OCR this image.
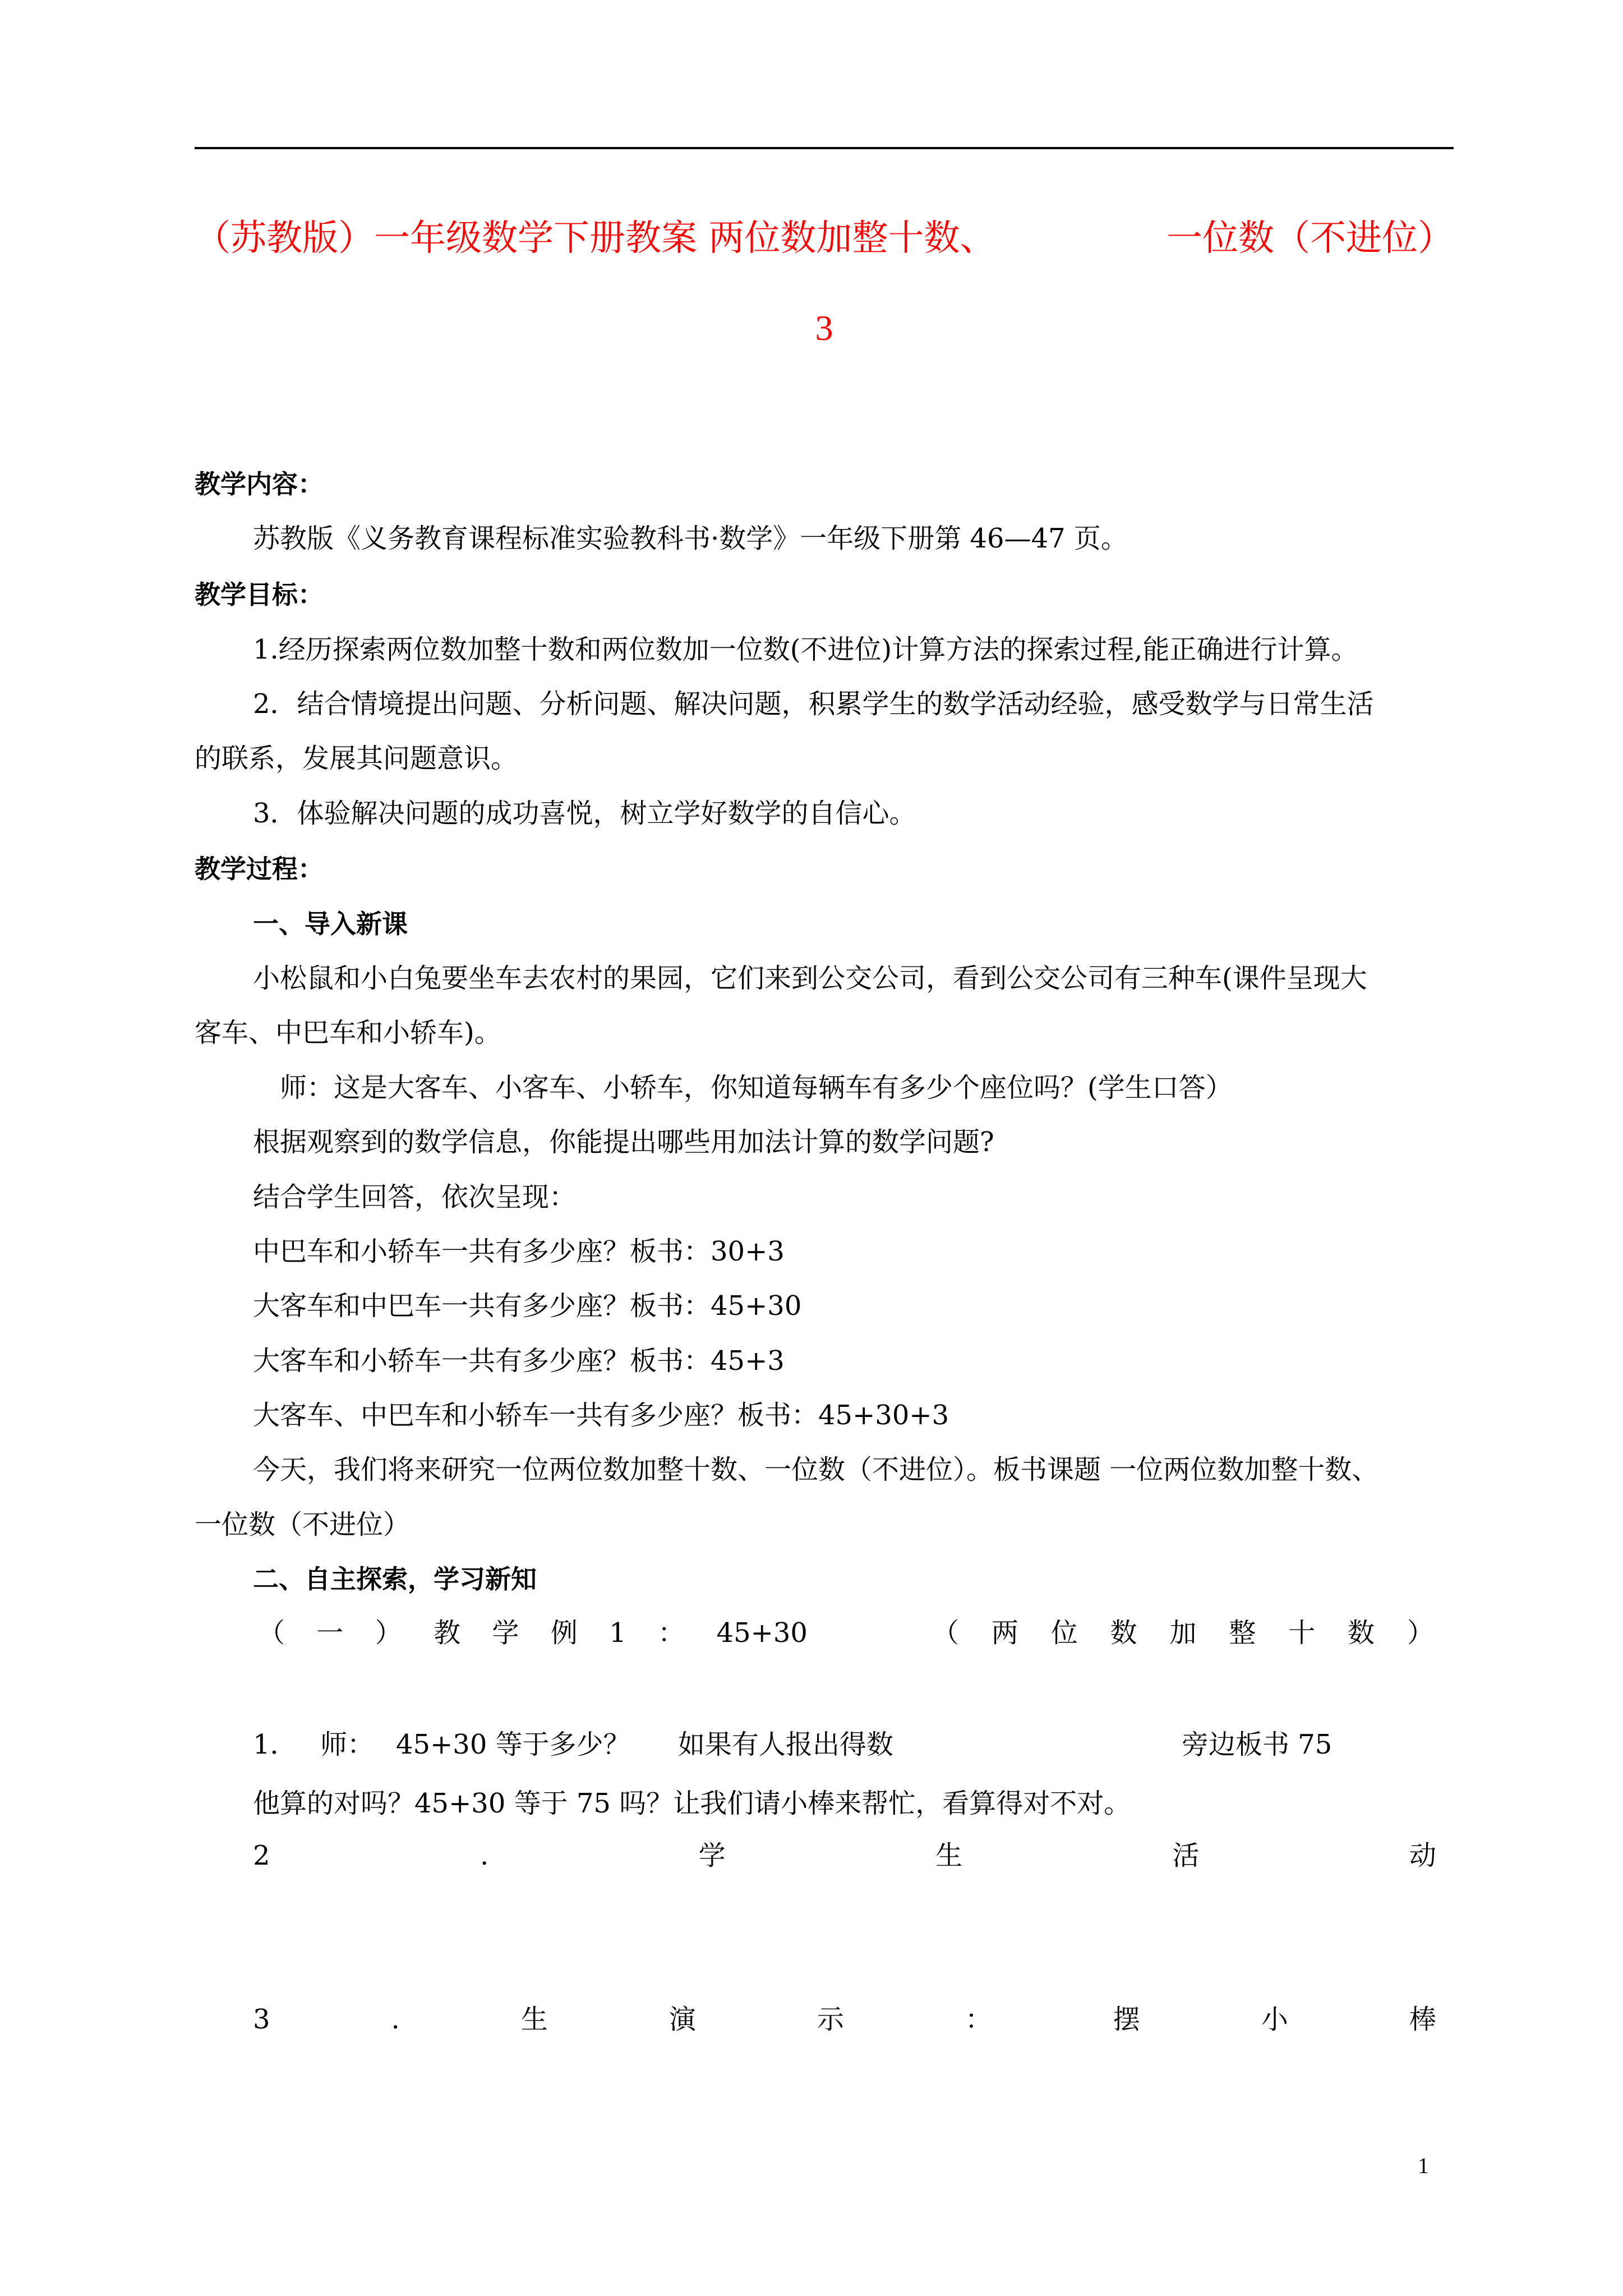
（苏教版）一年级数学下册教案 两位数加整十数、	一位数（不进位）
3
教学内容：
苏教版《义务教育课程标准实验教科书·数学》一年级下册第 46—47 页。
教学目标：
1.经历探索两位数加整十数和两位数加一位数(不进位)计算方法的探索过程,能正确进行计算。
2．结合情境提出问题、分析问题、解决问题，积累学生的数学活动经验，感受数学与日常生活
的联系，发展其问题意识。
3．体验解决问题的成功喜悦，树立学好数学的自信心。
教学过程：
一、导入新课
小松鼠和小白兔要坐车去农村的果园，它们来到公交公司，看到公交公司有三种车(课件呈现大
客车、中巴车和小轿车)。
师：这是大客车、小客车、小轿车，你知道每辆车有多少个座位吗？(学生口答）
根据观察到的数学信息，你能提出哪些用加法计算的数学问题?
结合学生回答，依次呈现：
中巴车和小轿车一共有多少座？板书：30+3
大客车和中巴车一共有多少座？板书：45+30
大客车和小轿车一共有多少座？板书：45+3
大客车、中巴车和小轿车一共有多少座？板书：45+30+3
今天，我们将来研究一位两位数加整十数、一位数（不进位）。板书课题 一位两位数加整十数、
一位数（不进位）
二、自主探索，学习新知
（ 一 ） 教 学 例 1 ： 45+30	（ 两 位 数 加 整 十 数 ）
1． 师： 45+30 等于多少？ 如果有人报出得数	旁边板书 75
他算的对吗？45+30 等于 75 吗？让我们请小棒来帮忙，看算得对不对。
2	.	学	生	活	动
3	.	生	演	示	：	摆	小	棒
1
